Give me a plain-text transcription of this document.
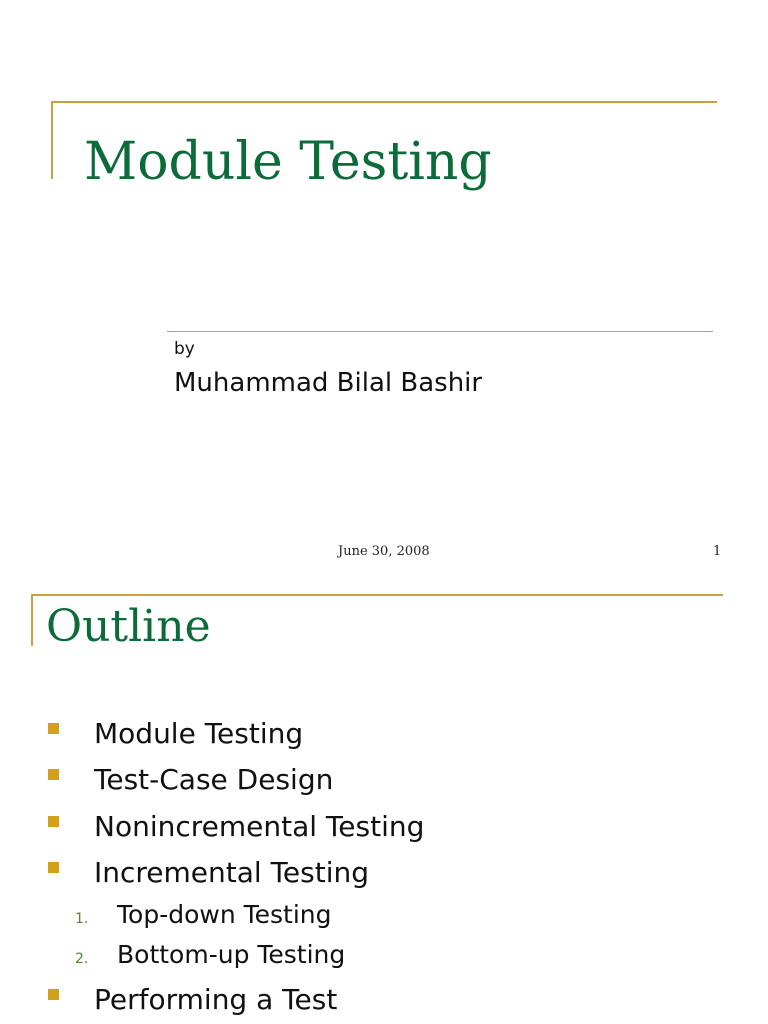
Module Testing
by
Muhammad Bilal Bashir
June 30, 2008	1
Outline
Module Testing
Test-Case Design
Nonincremental Testing
Incremental Testing
1. Top-down Testing
2. Bottom-up Testing
Performing a Test
